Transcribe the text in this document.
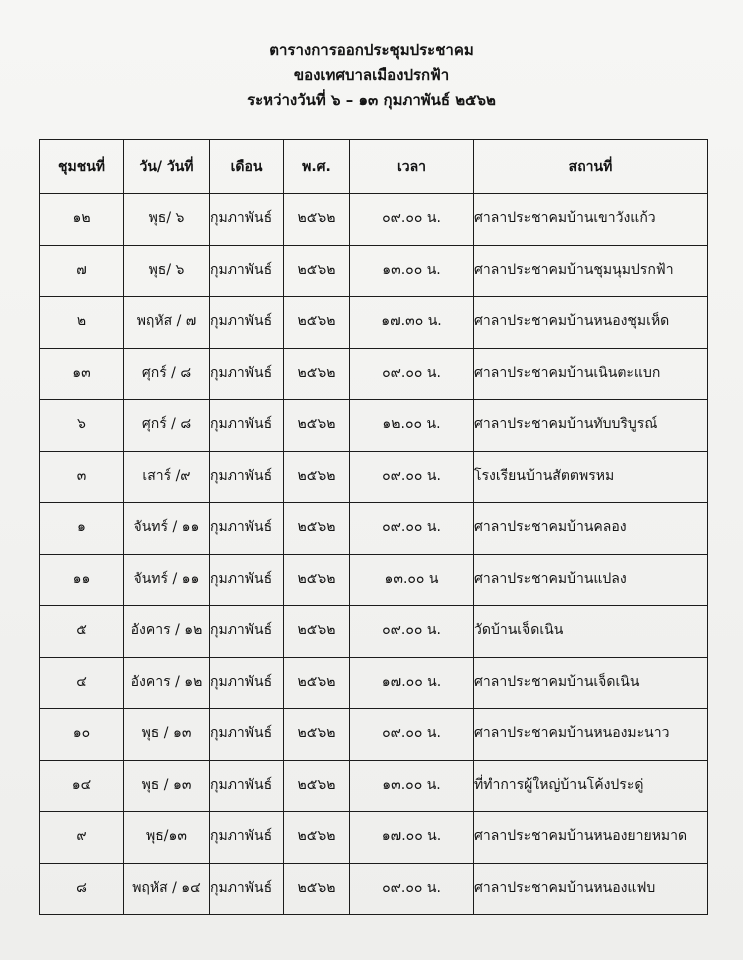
ตารางการออกประชุมประชาคม
ของเทศบาลเมืองปรกฟ้า
ระหว่างวันที่ ๖ – ๑๓ กุมภาพันธ์ ๒๕๖๒
ชุมชนที่	วัน/ วันที่	เดือน	พ.ศ.	เวลา	สถานที่
๑๒	พุธ/ ๖	กุมภาพันธ์	๒๕๖๒	๐๙.๐๐ น.	ศาลาประชาคมบ้านเขาวังแก้ว
๗	พุธ/ ๖	กุมภาพันธ์	๒๕๖๒	๑๓.๐๐ น.	ศาลาประชาคมบ้านชุมนุมปรกฟ้า
๒	พฤหัส / ๗	กุมภาพันธ์	๒๕๖๒	๑๗.๓๐ น.	ศาลาประชาคมบ้านหนองชุมเห็ด
๑๓	ศุกร์ / ๘	กุมภาพันธ์	๒๕๖๒	๐๙.๐๐ น.	ศาลาประชาคมบ้านเนินตะแบก
๖	ศุกร์ / ๘	กุมภาพันธ์	๒๕๖๒	๑๒.๐๐ น.	ศาลาประชาคมบ้านทับบริบูรณ์
๓	เสาร์ /๙	กุมภาพันธ์	๒๕๖๒	๐๙.๐๐ น.	โรงเรียนบ้านสัตตพรหม
๑	จันทร์ / ๑๑	กุมภาพันธ์	๒๕๖๒	๐๙.๐๐ น.	ศาลาประชาคมบ้านคลอง
๑๑	จันทร์ / ๑๑	กุมภาพันธ์	๒๕๖๒	๑๓.๐๐ น	ศาลาประชาคมบ้านแปลง
๕	อังคาร / ๑๒	กุมภาพันธ์	๒๕๖๒	๐๙.๐๐ น.	วัดบ้านเจ็ดเนิน
๔	อังคาร / ๑๒	กุมภาพันธ์	๒๕๖๒	๑๗.๐๐ น.	ศาลาประชาคมบ้านเจ็ดเนิน
๑๐	พุธ / ๑๓	กุมภาพันธ์	๒๕๖๒	๐๙.๐๐ น.	ศาลาประชาคมบ้านหนองมะนาว
๑๔	พุธ / ๑๓	กุมภาพันธ์	๒๕๖๒	๑๓.๐๐ น.	ที่ทำการผู้ใหญ่บ้านโค้งประดู่
๙	พุธ/๑๓	กุมภาพันธ์	๒๕๖๒	๑๗.๐๐ น.	ศาลาประชาคมบ้านหนองยายหมาด
๘	พฤหัส / ๑๔	กุมภาพันธ์	๒๕๖๒	๐๙.๐๐ น.	ศาลาประชาคมบ้านหนองแฟบ
